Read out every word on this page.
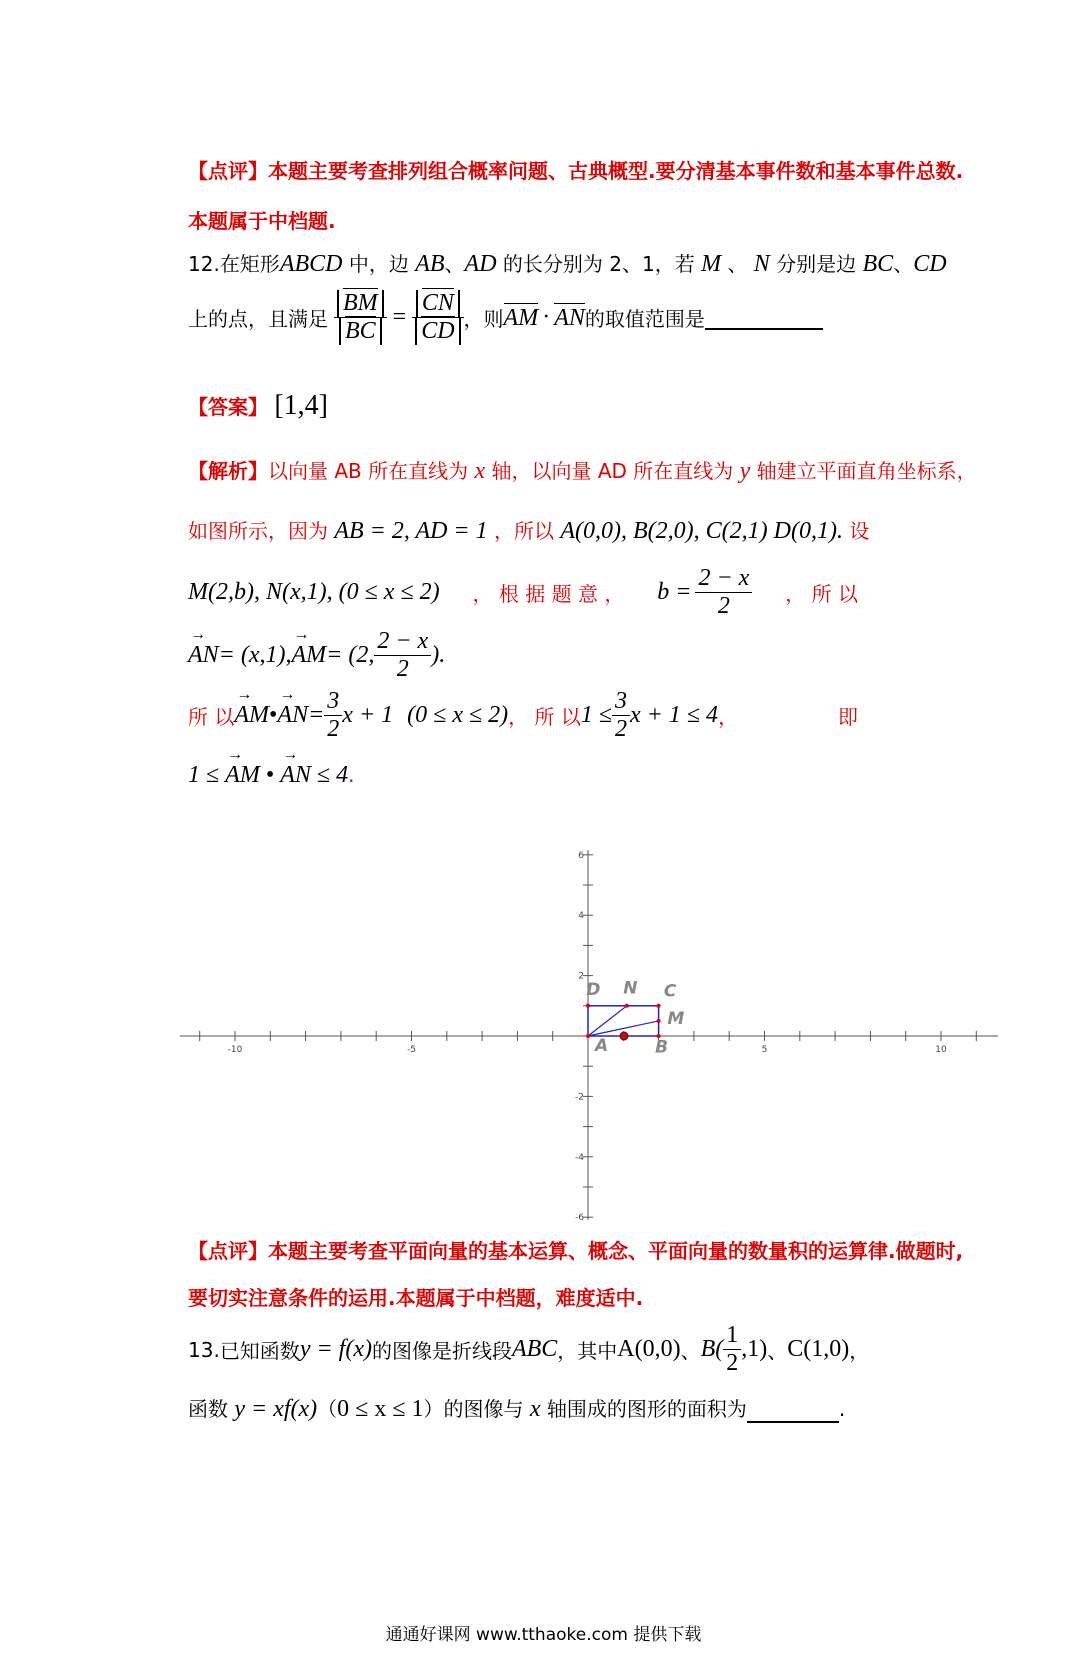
【点评】本题主要考查排列组合概率问题、古典概型.要分清基本事件数和基本事件总数.
本题属于中档题.
12.在矩形ABCD 中，边 AB、AD 的长分别为 2、1，若 M 、 N 分别是边 BC、CD
上的点，且满足 $\frac{BM}{BC} = \frac{CN}{CD}$ ，则 AM · AN 的取值范围是
【答案】 [1,4]
【解析】以向量 AB 所在直线为 x 轴，以向量 AD 所在直线为 y 轴建立平面直角坐标系，
如图所示，因为 AB = 2, AD = 1 ，所以 A(0,0), B(2,0), C(2,1) D(0,1). 设
M(2,b), N(x,1), (0 ≤ x ≤ 2) ， 根 据 题 意 ， $b = \frac{2 - x}{2}$ ， 所 以
→ AN = (x,1), → AM = (2, $\frac{2 - x}{2}$ ).
所 以 → AM • → AN = $\frac{3}{2}$ x + 1 (0 ≤ x ≤ 2) ， 所 以 $1 \le \frac{3}{2}$ x + 1 ≤ 4 ，	即
1 ≤ → AM • → AN ≤ 4.
-10	-5	5	10
6
4
2
-2
-4
-6
A	B
C
D
M
N
【点评】本题主要考查平面向量的基本运算、概念、平面向量的数量积的运算律.做题时,
要切实注意条件的运用.本题属于中档题，难度适中.
13. 已知函数 y = f(x) 的图像是折线段 ABC ，其中 A(0,0) 、 $B( \frac{1}{2} ,1)$ 、 C(1,0) ，
函数 y = xf(x)（0 ≤ x ≤ 1）的图像与 x 轴围成的图形的面积为	.
通通好课网 www.tthaoke.com 提供下载
